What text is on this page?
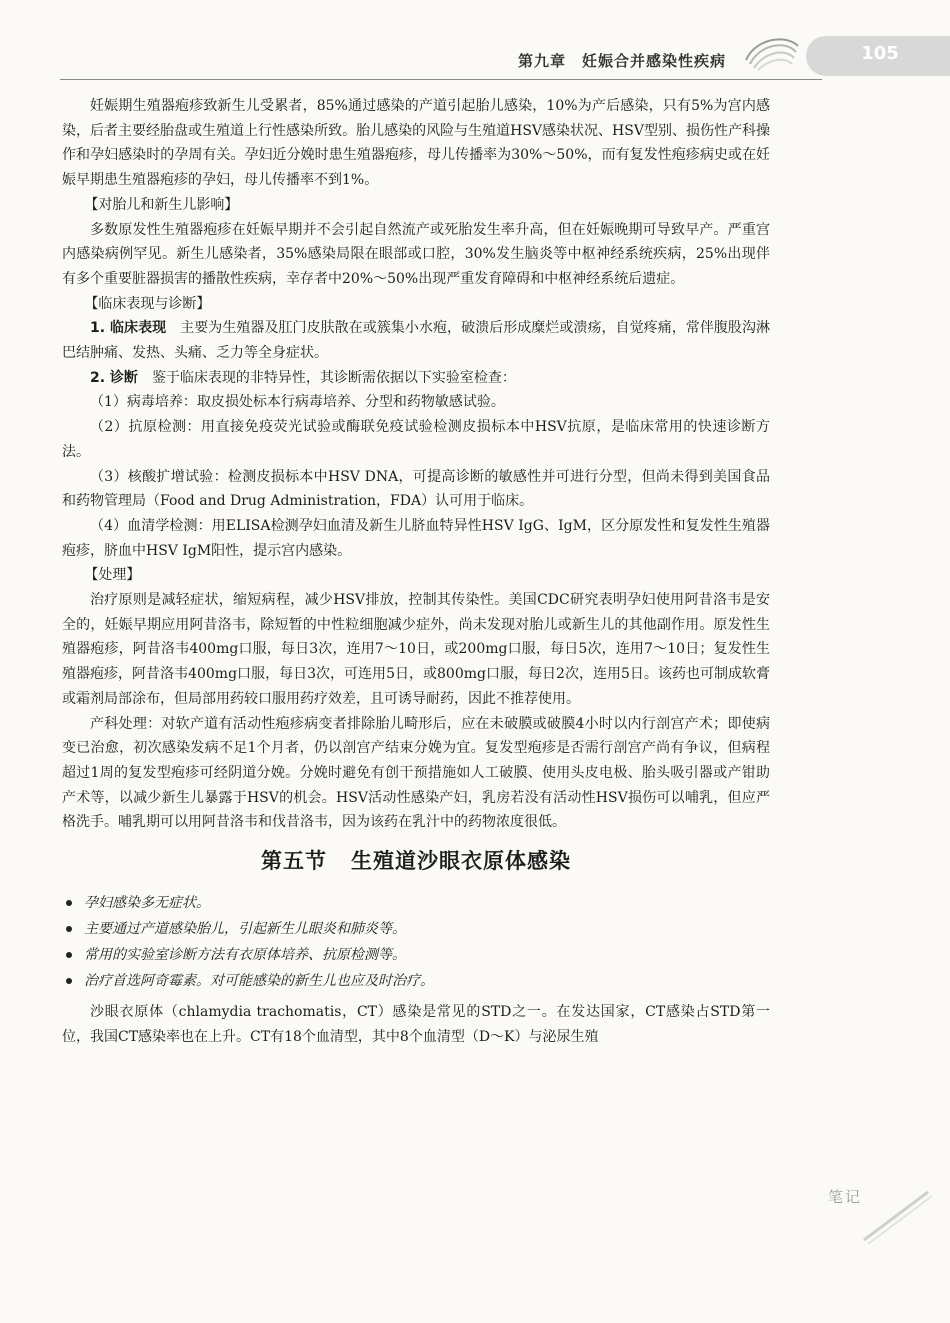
第九章　妊娠合并感染性疾病	105

妊娠期生殖器疱疹致新生儿受累者，85%通过感染的产道引起胎儿感染，10%为产后感染，只有5%为宫内感染，后者主要经胎盘或生殖道上行性感染所致。胎儿感染的风险与生殖道HSV感染状况、HSV型别、损伤性产科操作和孕妇感染时的孕周有关。孕妇近分娩时患生殖器疱疹，母儿传播率为30%～50%，而有复发性疱疹病史或在妊娠早期患生殖器疱疹的孕妇，母儿传播率不到1%。

【对胎儿和新生儿影响】

多数原发性生殖器疱疹在妊娠早期并不会引起自然流产或死胎发生率升高，但在妊娠晚期可导致早产。严重宫内感染病例罕见。新生儿感染者，35%感染局限在眼部或口腔，30%发生脑炎等中枢神经系统疾病，25%出现伴有多个重要脏器损害的播散性疾病，幸存者中20%～50%出现严重发育障碍和中枢神经系统后遗症。

【临床表现与诊断】

1. 临床表现　 主要为生殖器及肛门皮肤散在或簇集小水疱，破溃后形成糜烂或溃疡，自觉疼痛，常伴腹股沟淋巴结肿痛、发热、头痛、乏力等全身症状。

2. 诊断　 鉴于临床表现的非特异性，其诊断需依据以下实验室检查：

（1）病毒培养：取皮损处标本行病毒培养、分型和药物敏感试验。

（2）抗原检测：用直接免疫荧光试验或酶联免疫试验检测皮损标本中HSV抗原，是临床常用的快速诊断方法。

（3）核酸扩增试验：检测皮损标本中HSV DNA，可提高诊断的敏感性并可进行分型，但尚未得到美国食品和药物管理局（Food and Drug Administration，FDA）认可用于临床。

（4）血清学检测：用ELISA检测孕妇血清及新生儿脐血特异性HSV IgG、IgM，区分原发性和复发性生殖器疱疹，脐血中HSV IgM阳性，提示宫内感染。

【处理】

治疗原则是减轻症状，缩短病程，减少HSV排放，控制其传染性。美国CDC研究表明孕妇使用阿昔洛韦是安全的，妊娠早期应用阿昔洛韦，除短暂的中性粒细胞减少症外，尚未发现对胎儿或新生儿的其他副作用。原发性生殖器疱疹，阿昔洛韦400mg口服，每日3次，连用7～10日，或200mg口服，每日5次，连用7～10日；复发性生殖器疱疹，阿昔洛韦400mg口服，每日3次，可连用5日，或800mg口服，每日2次，连用5日。该药也可制成软膏或霜剂局部涂布，但局部用药较口服用药疗效差，且可诱导耐药，因此不推荐使用。

产科处理：对软产道有活动性疱疹病变者排除胎儿畸形后，应在未破膜或破膜4小时以内行剖宫产术；即使病变已治愈，初次感染发病不足1个月者，仍以剖宫产结束分娩为宜。复发型疱疹是否需行剖宫产尚有争议，但病程超过1周的复发型疱疹可经阴道分娩。分娩时避免有创干预措施如人工破膜、使用头皮电极、胎头吸引器或产钳助产术等，以减少新生儿暴露于HSV的机会。HSV活动性感染产妇，乳房若没有活动性HSV损伤可以哺乳，但应严格洗手。哺乳期可以用阿昔洛韦和伐昔洛韦，因为该药在乳汁中的药物浓度很低。

第五节 生殖道沙眼衣原体感染
孕妇感染多无症状。
主要通过产道感染胎儿，引起新生儿眼炎和肺炎等。
常用的实验室诊断方法有衣原体培养、抗原检测等。
治疗首选阿奇霉素。对可能感染的新生儿也应及时治疗。

沙眼衣原体（chlamydia trachomatis，CT）感染是常见的STD之一。在发达国家，CT感染占STD第一位，我国CT感染率也在上升。CT有18个血清型，其中8个血清型（D～K）与泌尿生殖

笔记
